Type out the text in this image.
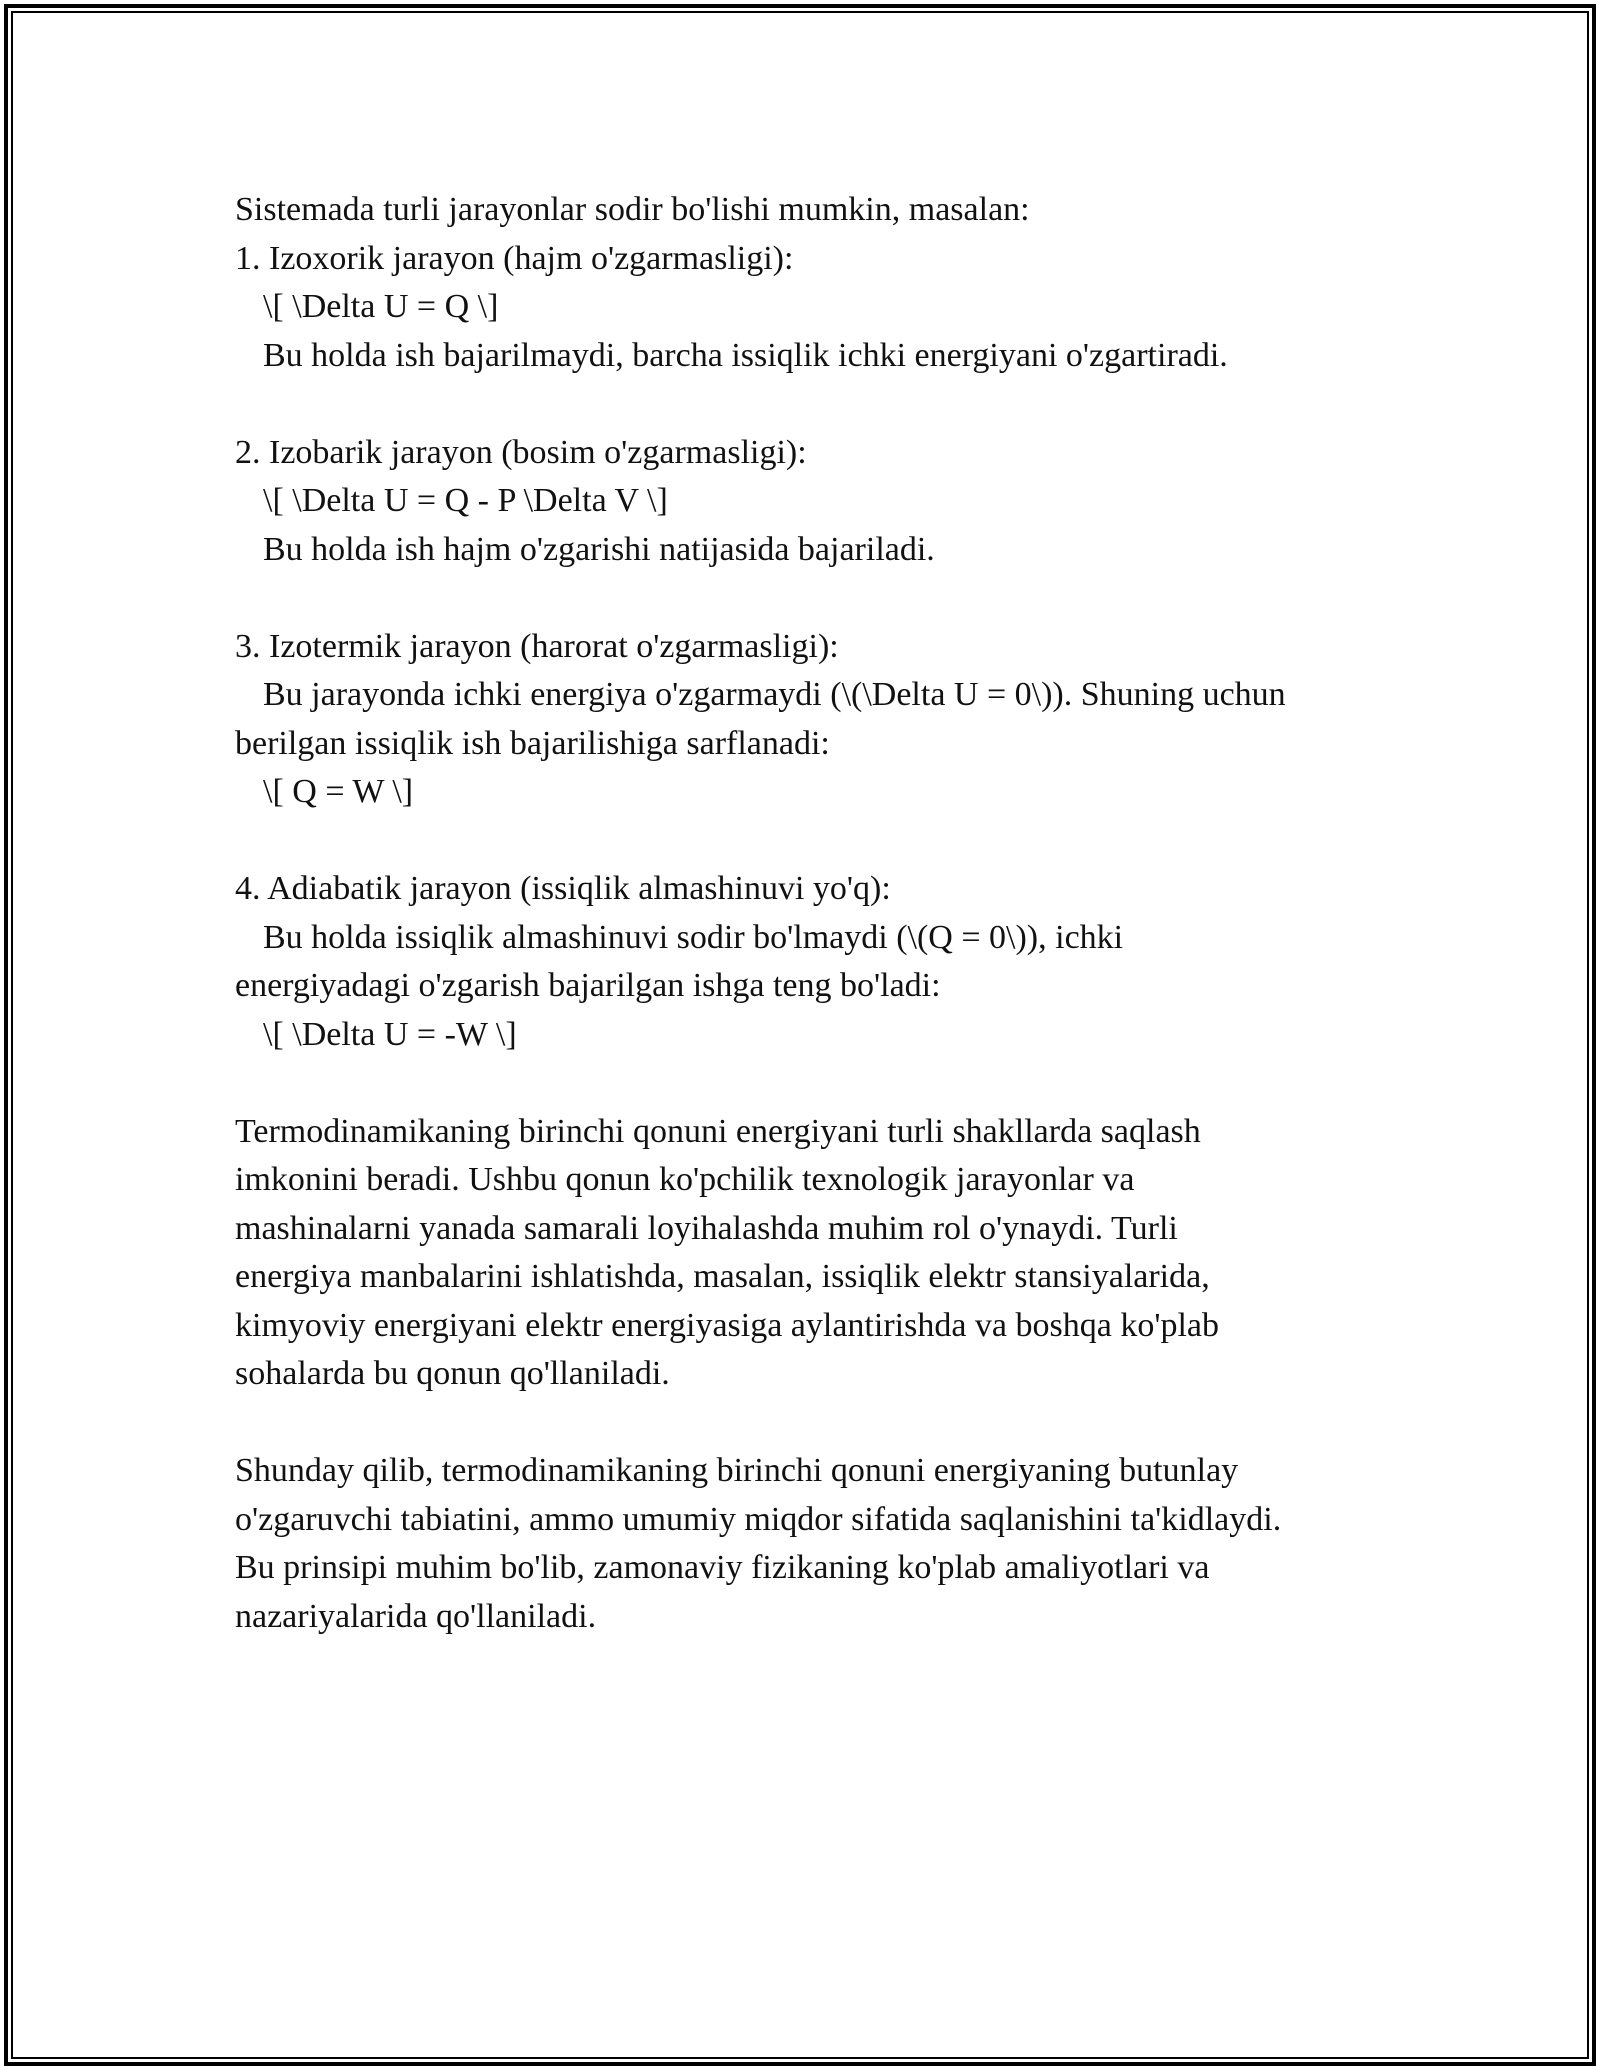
Sistemada turli jarayonlar sodir bo'lishi mumkin, masalan:
1. Izoxorik jarayon (hajm o'zgarmasligi):
\[ \Delta U = Q \]
Bu holda ish bajarilmaydi, barcha issiqlik ichki energiyani o'zgartiradi.
2. Izobarik jarayon (bosim o'zgarmasligi):
\[ \Delta U = Q - P \Delta V \]
Bu holda ish hajm o'zgarishi natijasida bajariladi.
3. Izotermik jarayon (harorat o'zgarmasligi):
Bu jarayonda ichki energiya o'zgarmaydi (\(\Delta U = 0\)). Shuning uchun
berilgan issiqlik ish bajarilishiga sarflanadi:
\[ Q = W \]
4. Adiabatik jarayon (issiqlik almashinuvi yo'q):
Bu holda issiqlik almashinuvi sodir bo'lmaydi (\(Q = 0\)), ichki
energiyadagi o'zgarish bajarilgan ishga teng bo'ladi:
\[ \Delta U = -W \]
Termodinamikaning birinchi qonuni energiyani turli shakllarda saqlash
imkonini beradi. Ushbu qonun ko'pchilik texnologik jarayonlar va
mashinalarni yanada samarali loyihalashda muhim rol o'ynaydi. Turli
energiya manbalarini ishlatishda, masalan, issiqlik elektr stansiyalarida,
kimyoviy energiyani elektr energiyasiga aylantirishda va boshqa ko'plab
sohalarda bu qonun qo'llaniladi.
Shunday qilib, termodinamikaning birinchi qonuni energiyaning butunlay
o'zgaruvchi tabiatini, ammo umumiy miqdor sifatida saqlanishini ta'kidlaydi.
Bu prinsipi muhim bo'lib, zamonaviy fizikaning ko'plab amaliyotlari va
nazariyalarida qo'llaniladi.
